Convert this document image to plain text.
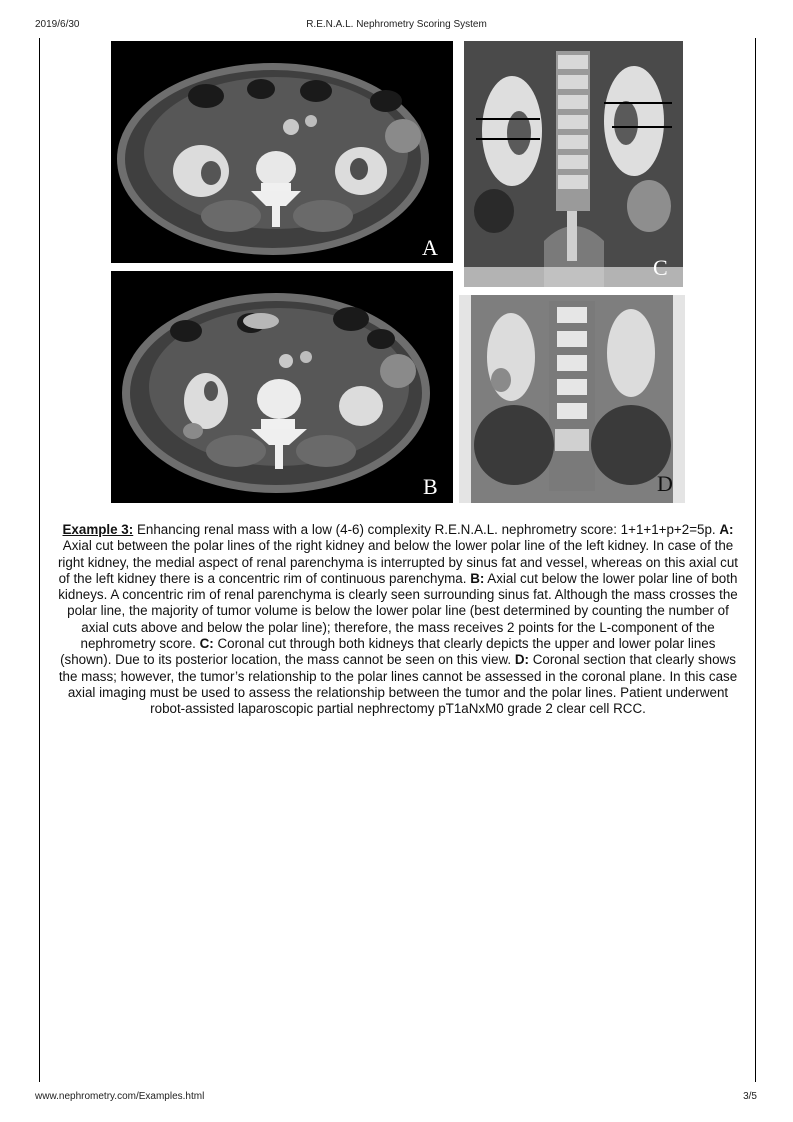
2019/6/30	R.E.N.A.L. Nephrometry Scoring System
A
B
C
D
Example 3: Enhancing renal mass with a low (4-6) complexity R.E.N.A.L. nephrometry score: 1+1+1+p+2=5p. A: Axial cut between the polar lines of the right kidney and below the lower polar line of the left kidney. In case of the right kidney, the medial aspect of renal parenchyma is interrupted by sinus fat and vessel, whereas on this axial cut of the left kidney there is a concentric rim of continuous parenchyma. B: Axial cut below the lower polar line of both kidneys. A concentric rim of renal parenchyma is clearly seen surrounding sinus fat. Although the mass crosses the polar line, the majority of tumor volume is below the lower polar line (best determined by counting the number of axial cuts above and below the polar line); therefore, the mass receives 2 points for the L-component of the nephrometry score. C: Coronal cut through both kidneys that clearly depicts the upper and lower polar lines (shown). Due to its posterior location, the mass cannot be seen on this view. D: Coronal section that clearly shows the mass; however, the tumor’s relationship to the polar lines cannot be assessed in the coronal plane. In this case axial imaging must be used to assess the relationship between the tumor and the polar lines. Patient underwent robot-assisted laparoscopic partial nephrectomy pT1aNxM0 grade 2 clear cell RCC.
www.nephrometry.com/Examples.html	3/5
